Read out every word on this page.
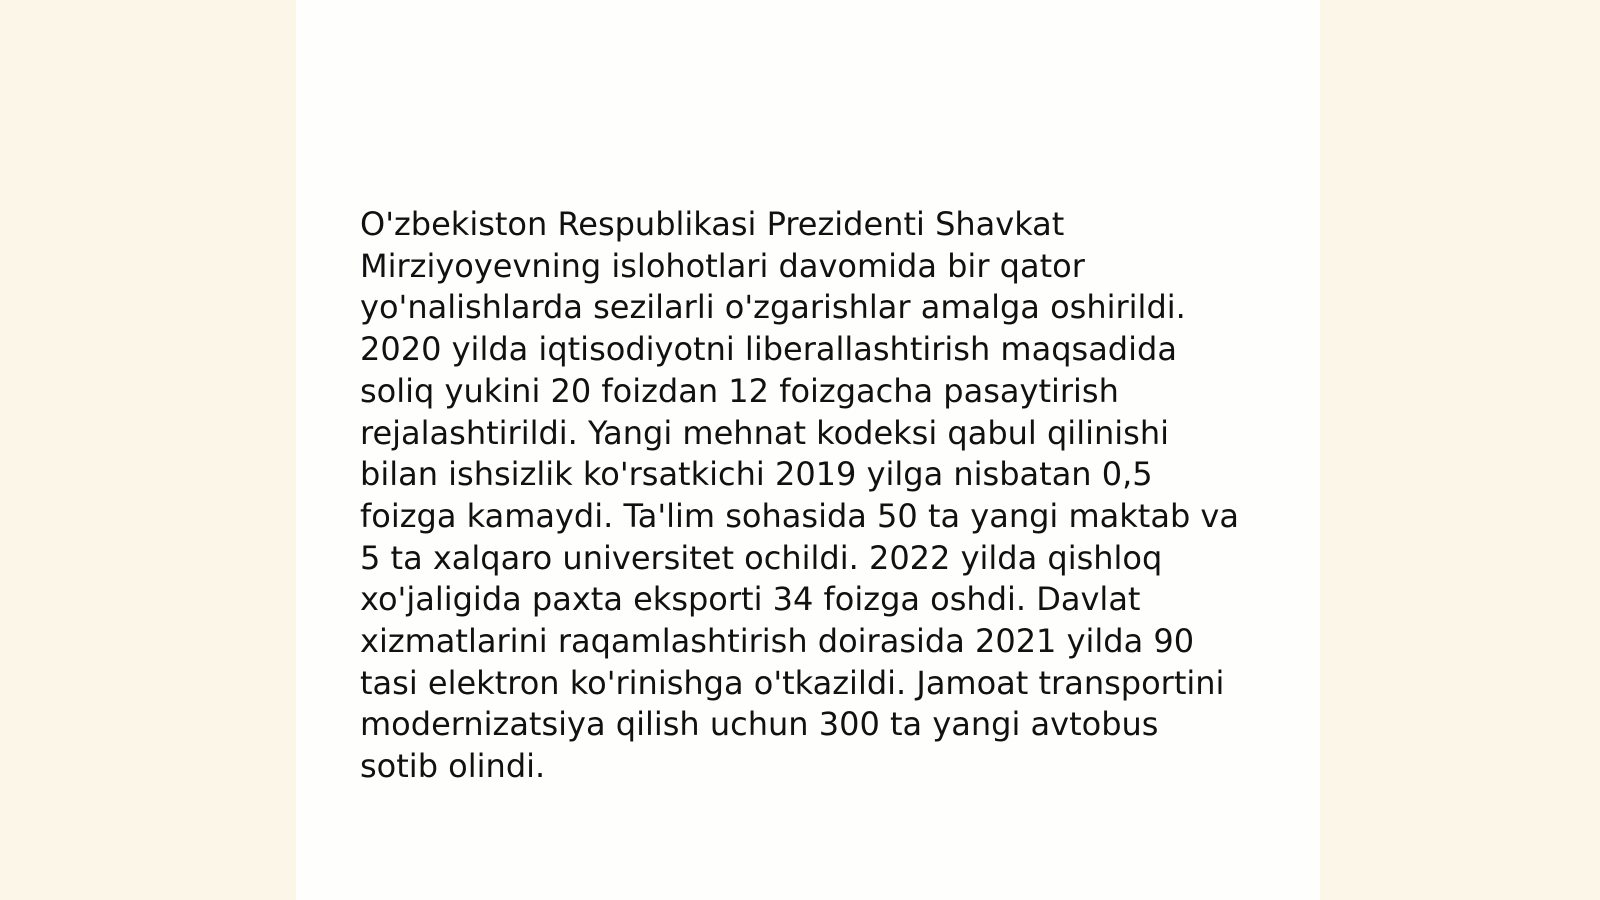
O'zbekiston Respublikasi Prezidenti Shavkat
Mirziyoyevning islohotlari davomida bir qator
yo'nalishlarda sezilarli o'zgarishlar amalga oshirildi.
2020 yilda iqtisodiyotni liberallashtirish maqsadida
soliq yukini 20 foizdan 12 foizgacha pasaytirish
rejalashtirildi. Yangi mehnat kodeksi qabul qilinishi
bilan ishsizlik ko'rsatkichi 2019 yilga nisbatan 0,5
foizga kamaydi. Ta'lim sohasida 50 ta yangi maktab va
5 ta xalqaro universitet ochildi. 2022 yilda qishloq
xo'jaligida paxta eksporti 34 foizga oshdi. Davlat
xizmatlarini raqamlashtirish doirasida 2021 yilda 90
tasi elektron ko'rinishga o'tkazildi. Jamoat transportini
modernizatsiya qilish uchun 300 ta yangi avtobus
sotib olindi.
